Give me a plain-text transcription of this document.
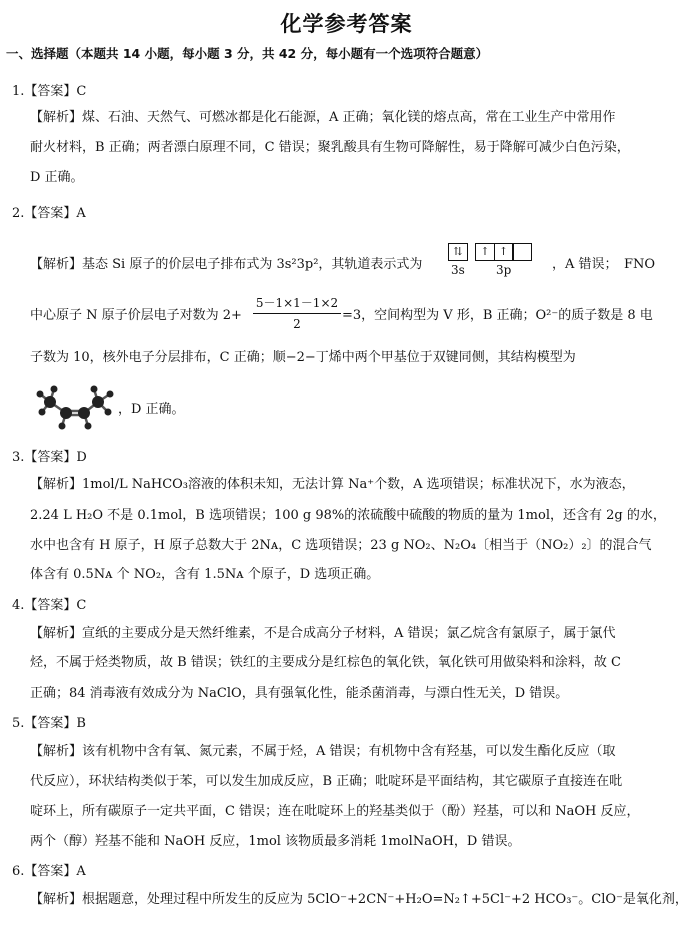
化学参考答案
一、选择题（本题共 14 小题，每小题 3 分，共 42 分，每小题有一个选项符合题意）
1.【答案】C
【解析】煤、石油、天然气、可燃冰都是化石能源，A 正确；氧化镁的熔点高，常在工业生产中常用作
耐火材料，B 正确；两者漂白原理不同，C 错误；聚乳酸具有生物可降解性，易于降解可减少白色污染，
D 正确。
2.【答案】A
【解析】基态 Si 原子的价层电子排布式为 3s²3p²，其轨道表示式为
⇅	↑ ↑
3s	3p	，A 错误；　FNO
中心原子 N 原子价层电子对数为 $2+ \frac{5-1\times 1-1\times 2}{2} =3$，空间构型为 V 形，B 正确；O²⁻的质子数是 8 电
子数为 10，核外电子分层排布，C 正确；顺−2−丁烯中两个甲基位于双键同侧，其结构模型为
，D 正确。
3.【答案】D
【解析】1mol/L NaHCO₃溶液的体积未知，无法计算 Na⁺个数，A 选项错误；标准状况下，水为液态，
2.24 L H₂O 不是 0.1mol，B 选项错误；100 g 98%的浓硫酸中硫酸的物质的量为 1mol，还含有 2g 的水，
水中也含有 H 原子，H 原子总数大于 2Nᴀ，C 选项错误；23 g NO₂、N₂O₄〔相当于（NO₂）₂〕的混合气
体含有 0.5Nᴀ 个 NO₂，含有 1.5Nᴀ 个原子，D 选项正确。
4.【答案】C
【解析】宣纸的主要成分是天然纤维素，不是合成高分子材料，A 错误；氯乙烷含有氯原子，属于氯代
烃，不属于烃类物质，故 B 错误；铁红的主要成分是红棕色的氧化铁，氧化铁可用做染料和涂料，故 C
正确；84 消毒液有效成分为 NaClO，具有强氧化性，能杀菌消毒，与漂白性无关，D 错误。
5.【答案】B
【解析】该有机物中含有氧、氮元素，不属于烃，A 错误；有机物中含有羟基，可以发生酯化反应（取
代反应），环状结构类似于苯，可以发生加成反应，B 正确；吡啶环是平面结构，其它碳原子直接连在吡
啶环上，所有碳原子一定共平面，C 错误；连在吡啶环上的羟基类似于（酚）羟基，可以和 NaOH 反应，
两个（醇）羟基不能和 NaOH 反应，1mol 该物质最多消耗 1molNaOH，D 错误。
6.【答案】A
【解析】根据题意，处理过程中所发生的反应为 5ClO⁻+2CN⁻+H₂O=N₂↑+5Cl⁻+2 HCO₃⁻。ClO⁻是氧化剂，
